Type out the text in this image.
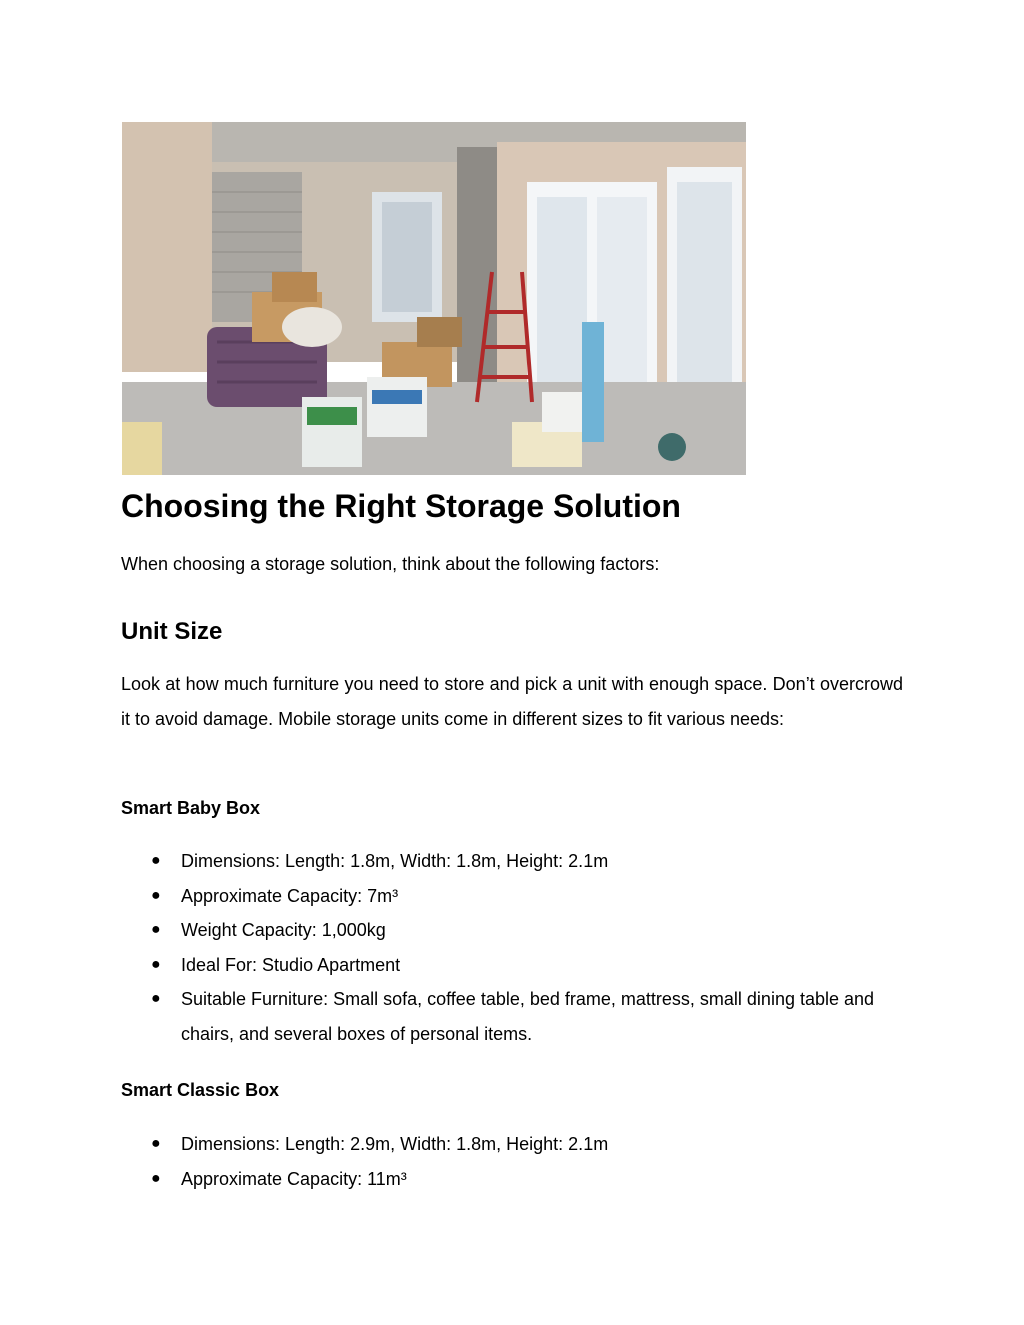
Choosing the Right Storage Solution

When choosing a storage solution, think about the following factors:

Unit Size

Look at how much furniture you need to store and pick a unit with enough space. Don’t overcrowd it to avoid damage. Mobile storage units come in different sizes to fit various needs:

Smart Baby Box
● Dimensions: Length: 1.8m, Width: 1.8m, Height: 2.1m
● Approximate Capacity: 7m³
● Weight Capacity: 1,000kg
● Ideal For: Studio Apartment
● Suitable Furniture: Small sofa, coffee table, bed frame, mattress, small dining table and chairs, and several boxes of personal items.
Smart Classic Box
● Dimensions: Length: 2.9m, Width: 1.8m, Height: 2.1m
● Approximate Capacity: 11m³
